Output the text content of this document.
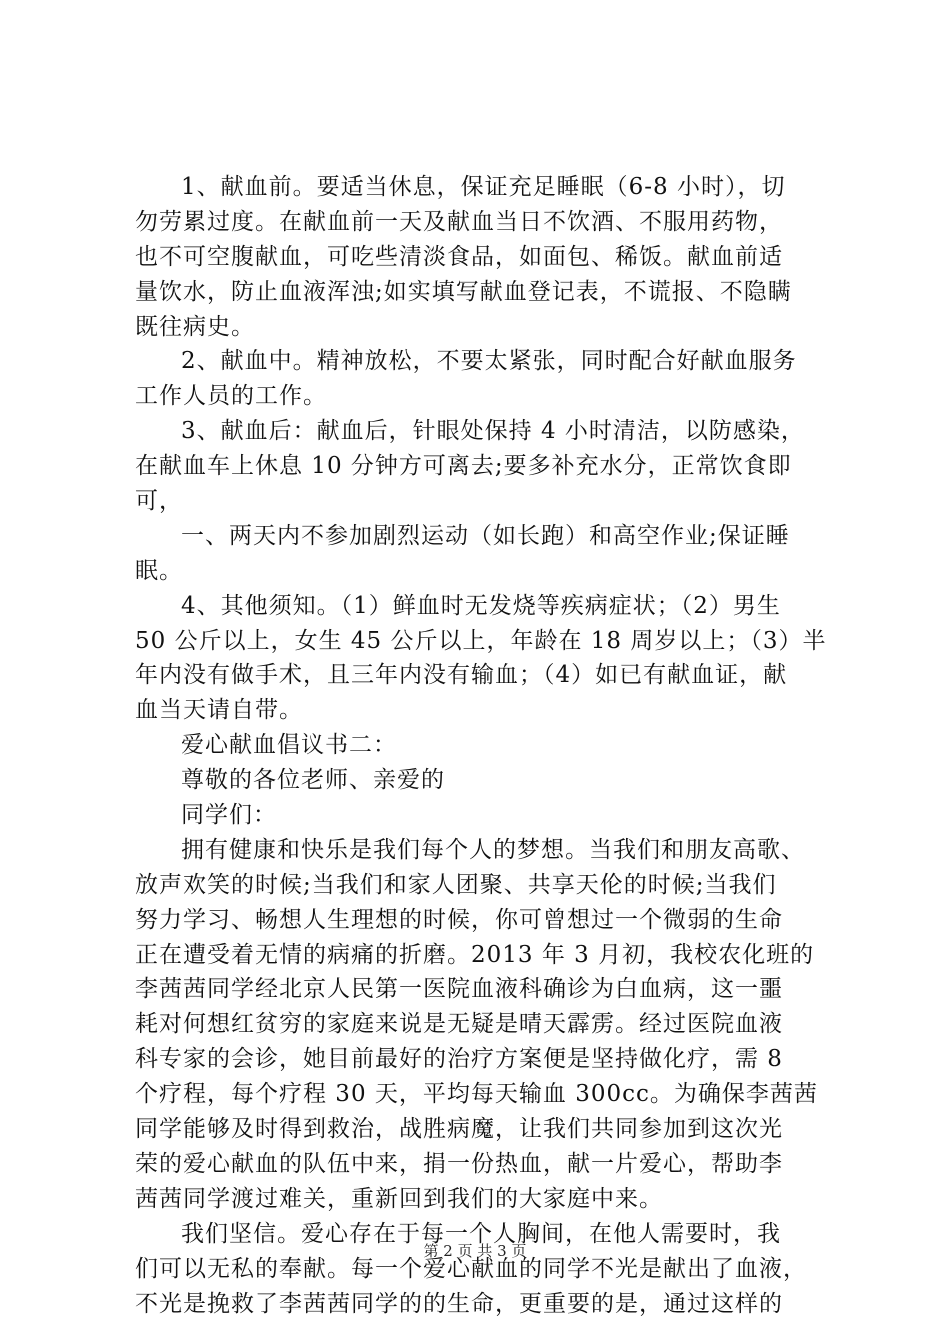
1、献血前。要适当休息，保证充足睡眠（6-8 小时），切
勿劳累过度。在献血前一天及献血当日不饮酒、不服用药物，
也不可空腹献血，可吃些清淡食品，如面包、稀饭。献血前适
量饮水，防止血液浑浊;如实填写献血登记表，不谎报、不隐瞒
既往病史。
2、献血中。精神放松，不要太紧张，同时配合好献血服务
工作人员的工作。
3、献血后：献血后，针眼处保持 4 小时清洁，以防感染，
在献血车上休息 10 分钟方可离去;要多补充水分，正常饮食即
可，
一、两天内不参加剧烈运动（如长跑）和高空作业;保证睡
眠。
4、其他须知。（1）鲜血时无发烧等疾病症状；（2）男生
50 公斤以上，女生 45 公斤以上，年龄在 18 周岁以上；（3）半
年内没有做手术，且三年内没有输血；（4）如已有献血证，献
血当天请自带。
爱心献血倡议书二：
尊敬的各位老师、亲爱的
同学们：
拥有健康和快乐是我们每个人的梦想。当我们和朋友高歌、
放声欢笑的时候;当我们和家人团聚、共享天伦的时候;当我们
努力学习、畅想人生理想的时候，你可曾想过一个微弱的生命
正在遭受着无情的病痛的折磨。2013 年 3 月初，我校农化班的
李茜茜同学经北京人民第一医院血液科确诊为白血病，这一噩
耗对何想红贫穷的家庭来说是无疑是晴天霹雳。经过医院血液
科专家的会诊，她目前最好的治疗方案便是坚持做化疗，需 8
个疗程，每个疗程 30 天，平均每天输血 300cc。为确保李茜茜
同学能够及时得到救治，战胜病魔，让我们共同参加到这次光
荣的爱心献血的队伍中来，捐一份热血，献一片爱心，帮助李
茜茜同学渡过难关，重新回到我们的大家庭中来。
我们坚信。爱心存在于每一个人胸间，在他人需要时，我
们可以无私的奉献。每一个爱心献血的同学不光是献出了血液，
不光是挽救了李茜茜同学的的生命，更重要的是，通过这样的
第 2 页 共 3 页
